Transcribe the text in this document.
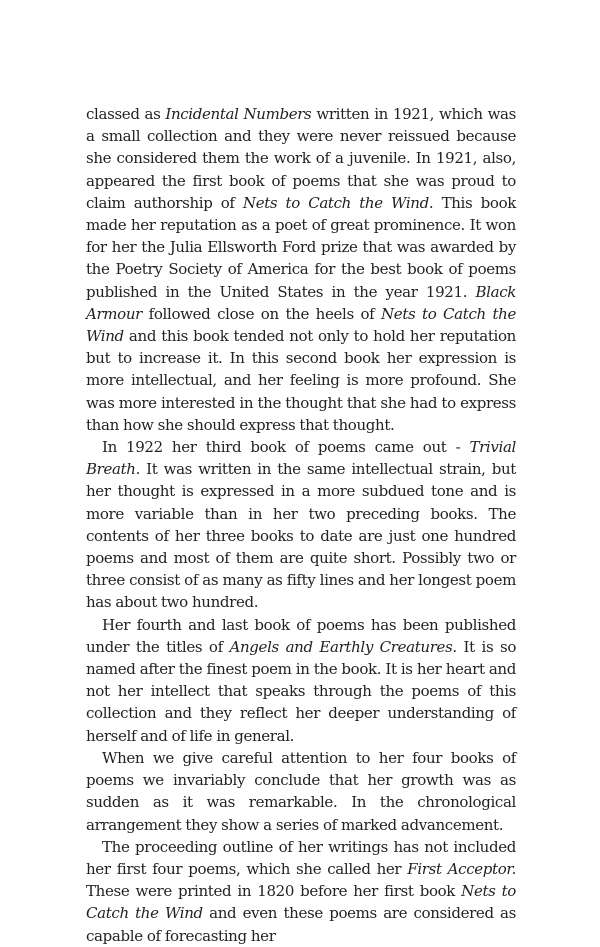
classed as Incidental Numbers written in 1921, which was a small collection and they were never reissued because she considered them the work of a juvenile. In 1921, also, appeared the first book of poems that she was proud to claim authorship of Nets to Catch the Wind. This book made her reputation as a poet of great prominence. It won for her the Julia Ellsworth Ford prize that was awarded by the Poetry Society of America for the best book of poems published in the United States in the year 1921. Black Armour followed close on the heels of Nets to Catch the Wind and this book tended not only to hold her reputation but to increase it. In this second book her expression is more intellectual, and her feeling is more profound. She was more interested in the thought that she had to express than how she should express that thought.

In 1922 her third book of poems came out - Trivial Breath. It was written in the same intellectual strain, but her thought is expressed in a more subdued tone and is more variable than in her two preceding books. The contents of her three books to date are just one hundred poems and most of them are quite short. Possibly two or three consist of as many as fifty lines and her longest poem has about two hundred.

Her fourth and last book of poems has been published under the titles of Angels and Earthly Creatures. It is so named after the finest poem in the book. It is her heart and not her intellect that speaks through the poems of this collection and they reflect her deeper understanding of herself and of life in general.

When we give careful attention to her four books of poems we invariably conclude that her growth was as sudden as it was remarkable. In the chronological arrangement they show a series of marked advancement.

The proceeding outline of her writings has not included her first four poems, which she called her First Acceptor. These were printed in 1820 before her first book Nets to Catch the Wind and even these poems are considered as capable of forecasting her
